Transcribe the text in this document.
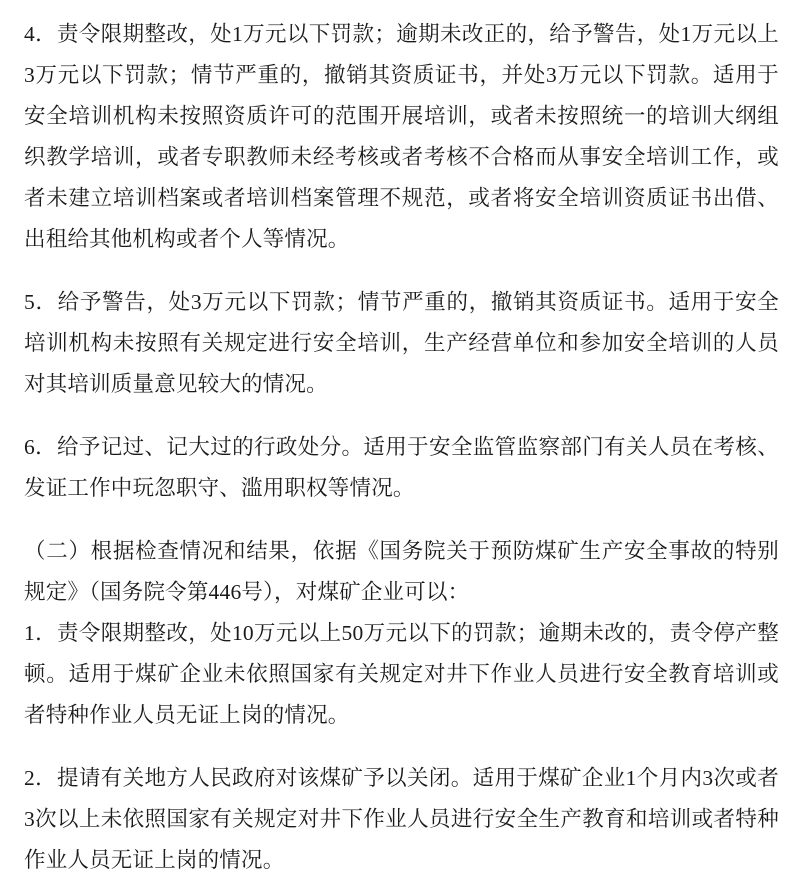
4．责令限期整改，处1万元以下罚款；逾期未改正的，给予警告，处1万元以上3万元以下罚款；情节严重的，撤销其资质证书，并处3万元以下罚款。适用于安全培训机构未按照资质许可的范围开展培训，或者未按照统一的培训大纲组织教学培训，或者专职教师未经考核或者考核不合格而从事安全培训工作，或者未建立培训档案或者培训档案管理不规范，或者将安全培训资质证书出借、出租给其他机构或者个人等情况。

5．给予警告，处3万元以下罚款；情节严重的，撤销其资质证书。适用于安全培训机构未按照有关规定进行安全培训，生产经营单位和参加安全培训的人员对其培训质量意见较大的情况。

6．给予记过、记大过的行政处分。适用于安全监管监察部门有关人员在考核、发证工作中玩忽职守、滥用职权等情况。

（二）根据检查情况和结果，依据《国务院关于预防煤矿生产安全事故的特别规定》（国务院令第446号），对煤矿企业可以：

1．责令限期整改，处10万元以上50万元以下的罚款；逾期未改的，责令停产整顿。适用于煤矿企业未依照国家有关规定对井下作业人员进行安全教育培训或者特种作业人员无证上岗的情况。

2．提请有关地方人民政府对该煤矿予以关闭。适用于煤矿企业1个月内3次或者3次以上未依照国家有关规定对井下作业人员进行安全生产教育和培训或者特种作业人员无证上岗的情况。
